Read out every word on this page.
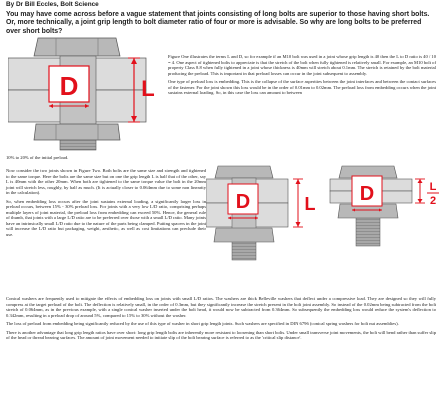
By Dr Bill Eccles, Bolt Science
You may have come across before a vague statement that joints consisting of long bolts are superior to those having short bolts. Or, more technically, a joint grip length to bolt diameter ratio of four or more is advisable. So why are long bolts to be preferred over short bolts?
D	L

Figure One illustrates the terms L and D, so for example if an M10 bolt was used in a joint whose grip length is 40 then the L to D ratio is 40 / 10 = 4. One aspect of tightened bolts to appreciate is that the stretch of the bolt when fully tightened is relatively small. For example, an M10 bolt of property Class 8.8 when fully tightened in a joint whose thickness is 40mm will stretch about 0.1mm. The stretch is retained by the bolt material producing the preload. This is important in that preload losses can occur in the joint subsequent to assembly.

One type of preload loss is embedding. This is the collapse of the surface asperities between the joint interfaces and between the contact surfaces of the fastener. For the joint shown this loss would be in the order of 0.01mm to 0.02mm. The preload loss from embedding occurs when the joint sustains external loading. So, in this case the loss can amount to between

10% to 20% of the initial preload.

Now consider the two joints shown in Figure Two. Both bolts are the same size and strength and tightened to the same torque. Here the bolts are the same size but on one the grip length L is half that of the other, say L is 40mm with the other 20mm. When both are tightened to the same torque value the bolt in the 20mm joint will stretch less, roughly, by half as much. (It is actually closer to 0.064mm due to some non linearity in the calculation).

So, when embedding loss occurs after the joint sustains external loading, a significantly larger loss in preload occurs, between 15% - 30% preload loss. For joints with a very low L/D ratio, comprising perhaps multiple layers of joint material, the preload loss from embedding can exceed 50%. Hence, the general rule of thumb, that joints with a large L/D ratio are to be preferred over those with a small L/D ratio. Many joints have an intrinsically small L/D ratio due to the nature of the parts being clamped. Putting spacers in the joint will increase the L/D ratio but packaging, weight, aesthetic, as well as cost limitations can preclude their use.

D	L D	L
2

Conical washers are frequently used to mitigate the effects of embedding loss on joints with small L/D ratios. The washers are thick Belleville washers that deflect under a compressive load. They are designed so they will fully compress at the target preload of the bolt. The deflection is relatively small, in the order of 0.3mm, but they significantly increase the stretch present in the bolt joint assembly. So instead of the 0.02mm being subtracted from the bolt stretch of 0.064mm, as in the previous example, with a single conical washer inserted under the bolt head, it would now be subtracted from 0.364mm. So subsequently the embedding loss would reduce the system's deflection to 0.342mm, resulting in a preload drop of around 5%, compared to 15% to 30% without the washer.

The loss of preload from embedding being significantly reduced by the use of this type of washer in short grip length joints. Such washers are specified in DIN 6796 (conical spring washers for bolt nut assemblies).

There is another advantage that long grip length ratios have over short: long grip length bolts are inherently more resistant to loosening than short bolts. Under small transverse joint movements, the bolt will bend rather than suffer slip of the head or thread bearing surfaces. The amount of joint movement needed to initiate slip of the bolt bearing surface is referred to as the 'critical slip distance'.
